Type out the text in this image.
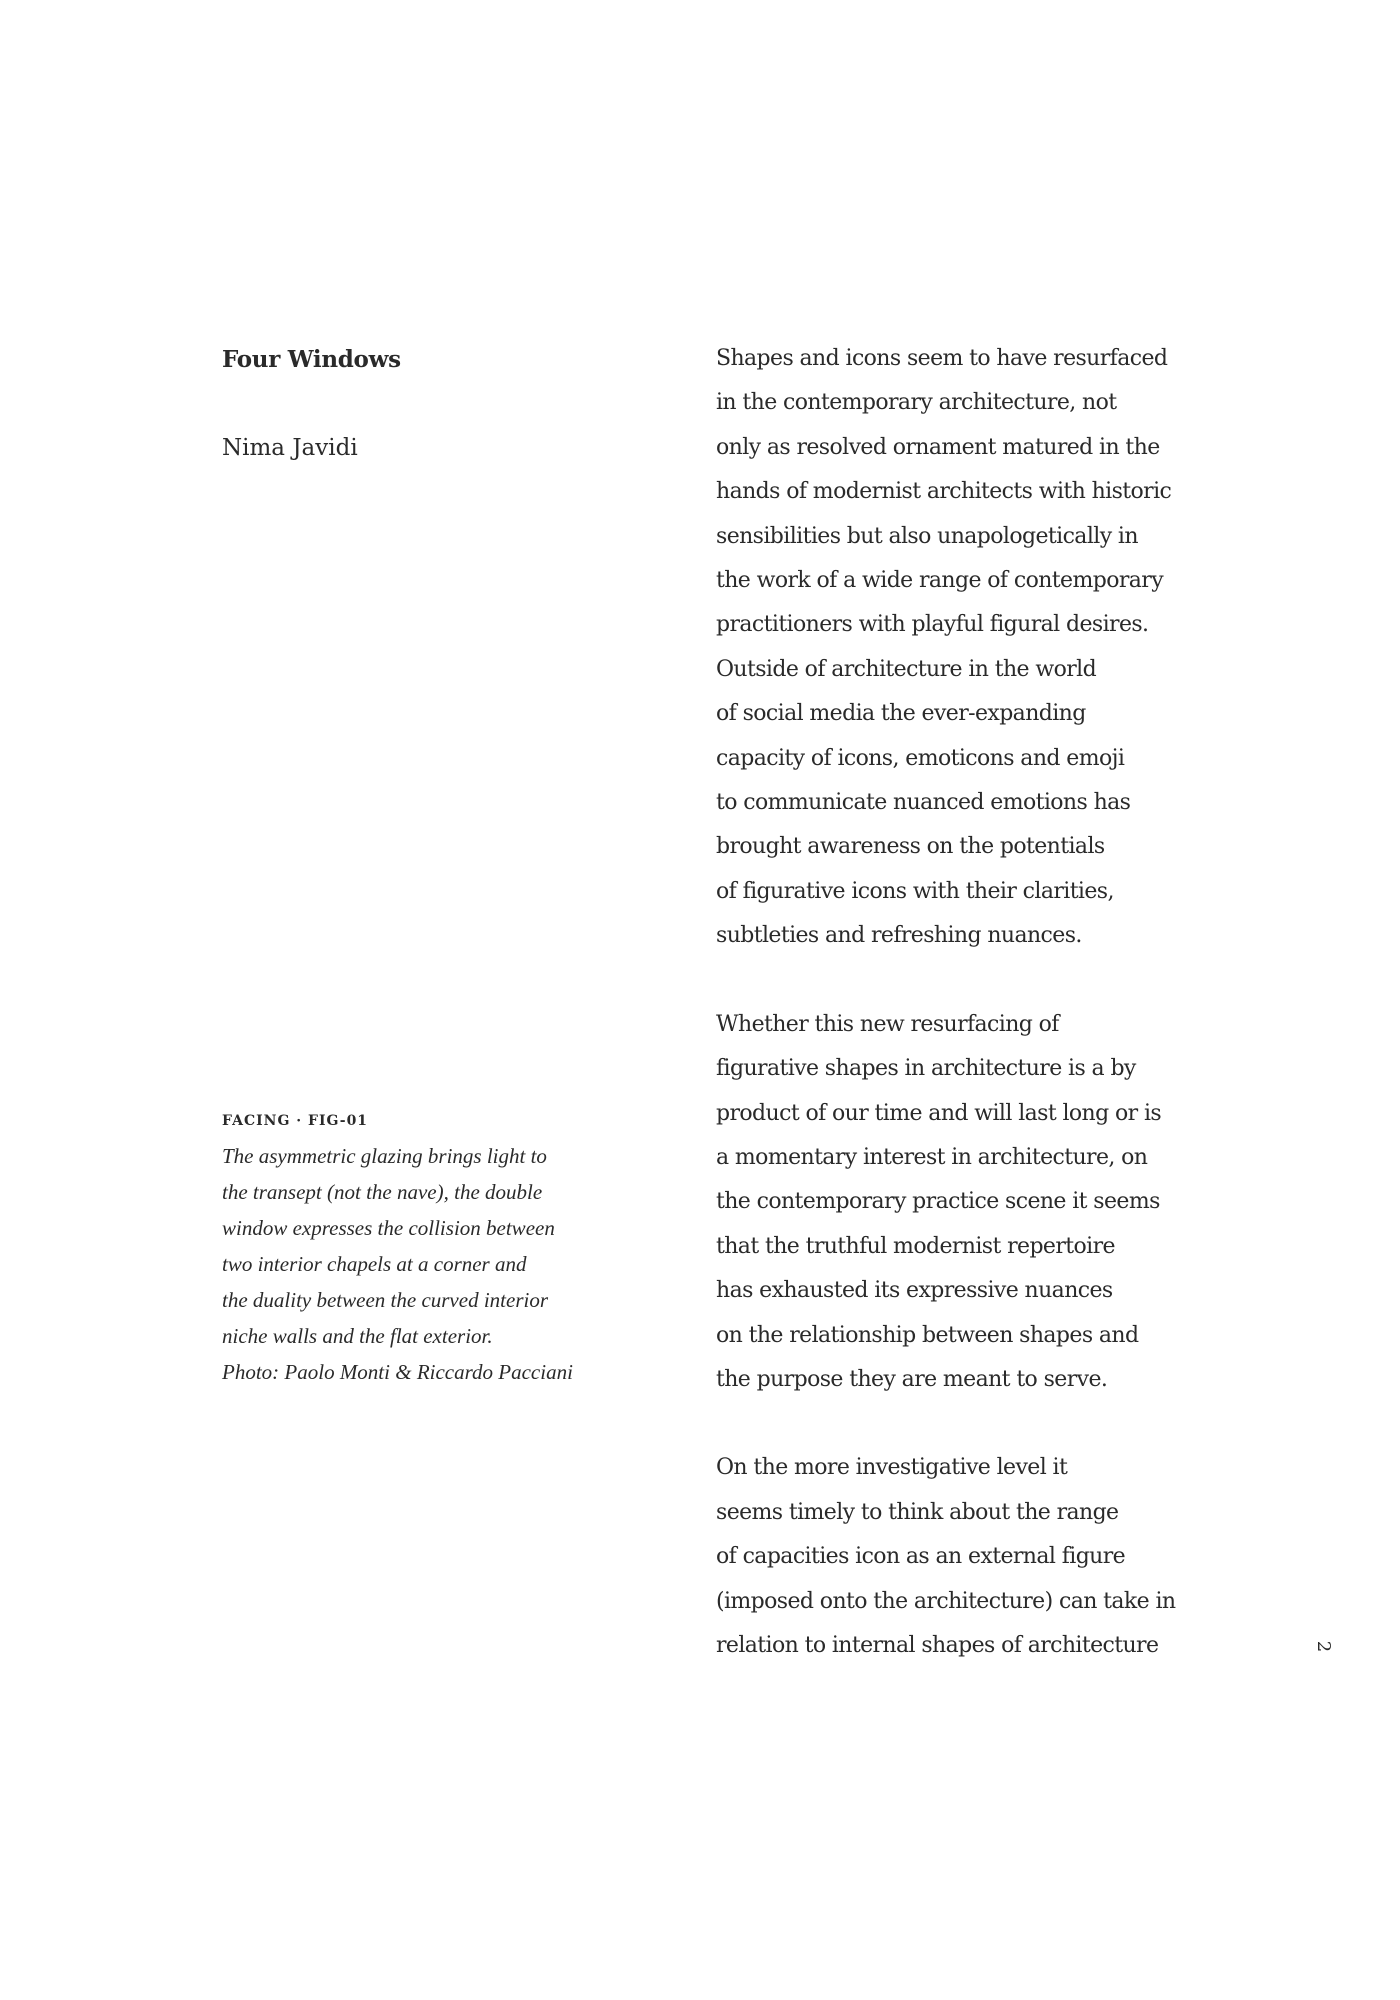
Four Windows

Nima Javidi

FACING · FIG-01

The asymmetric glazing brings light to

the transept (not the nave), the double

window expresses the collision between

two interior chapels at a corner and

the duality between the curved interior

niche walls and the flat exterior.

Photo: Paolo Monti & Riccardo Pacciani

Shapes and icons seem to have resurfaced

in the contemporary architecture, not

only as resolved ornament matured in the

hands of modernist architects with historic

sensibilities but also unapologetically in

the work of a wide range of contemporary

practitioners with playful figural desires.

Outside of architecture in the world

of social media the ever-expanding

capacity of icons, emoticons and emoji

to communicate nuanced emotions has

brought awareness on the potentials

of figurative icons with their clarities,

subtleties and refreshing nuances.

Whether this new resurfacing of

figurative shapes in architecture is a by

product of our time and will last long or is

a momentary interest in architecture, on

the contemporary practice scene it seems

that the truthful modernist repertoire

has exhausted its expressive nuances

on the relationship between shapes and

the purpose they are meant to serve.

On the more investigative level it

seems timely to think about the range

of capacities icon as an external figure

(imposed onto the architecture) can take in

relation to internal shapes of architecture	2
